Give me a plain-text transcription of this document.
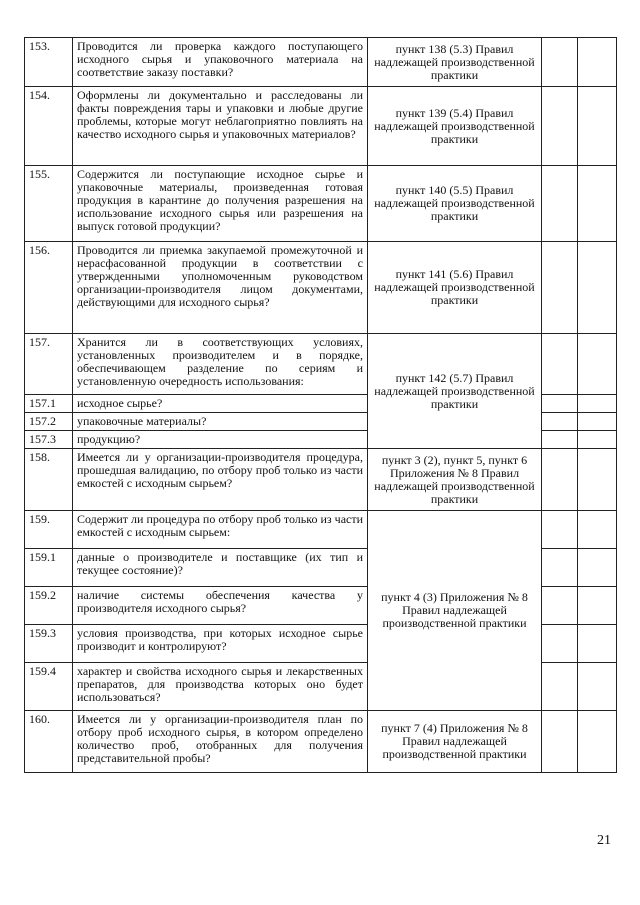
153.	Проводится ли проверка каждого поступающего исходного сырья и упаковочного материала на соответствие заказу поставки?	пункт 138 (5.3) Правил надлежащей производственной практики		
154.	Оформлены ли документально и расследованы ли факты повреждения тары и упаковки и любые другие проблемы, которые могут неблагоприятно повлиять на качество исходного сырья и упаковочных материалов?	пункт 139 (5.4) Правил надлежащей производственной практики		
155.	Содержится ли поступающие исходное сырье и упаковочные материалы, произведенная готовая продукция в карантине до получения разрешения на использование исходного сырья или разрешения на выпуск готовой продукции?	пункт 140 (5.5) Правил надлежащей производственной практики		
156.	Проводится ли приемка закупаемой промежуточной и нерасфасованной продукции в соответствии с утвержденными уполномоченным руководством организации-производителя лицом документами, действующими для исходного сырья?	пункт 141 (5.6) Правил надлежащей производственной практики		
157.	Хранится ли в соответствующих условиях, установленных производителем и в порядке, обеспечивающем разделение по сериям и установленную очередность использования:	пункт 142 (5.7) Правил надлежащей производственной практики		
157.1	исходное сырье?			
157.2	упаковочные материалы?			
157.3	продукцию?			
158.	Имеется ли у организации-производителя процедура, прошедшая валидацию, по отбору проб только из части емкостей с исходным сырьем?	пункт 3 (2), пункт 5, пункт 6 Приложения № 8 Правил надлежащей производственной практики		
159.	Содержит ли процедура по отбору проб только из части емкостей с исходным сырьем:	пункт 4 (3) Приложения № 8 Правил надлежащей производственной практики		
159.1	данные о производителе и поставщике (их тип и текущее состояние)?			
159.2	наличие системы обеспечения качества у производителя исходного сырья?			
159.3	условия производства, при которых исходное сырье производит и контролируют?			
159.4	характер и свойства исходного сырья и лекарственных препаратов, для производства которых оно будет использоваться?			
160.	Имеется ли у организации-производителя план по отбору проб исходного сырья, в котором определено количество проб, отобранных для получения представительной пробы?	пункт 7 (4) Приложения № 8 Правил надлежащей производственной практики		
21
